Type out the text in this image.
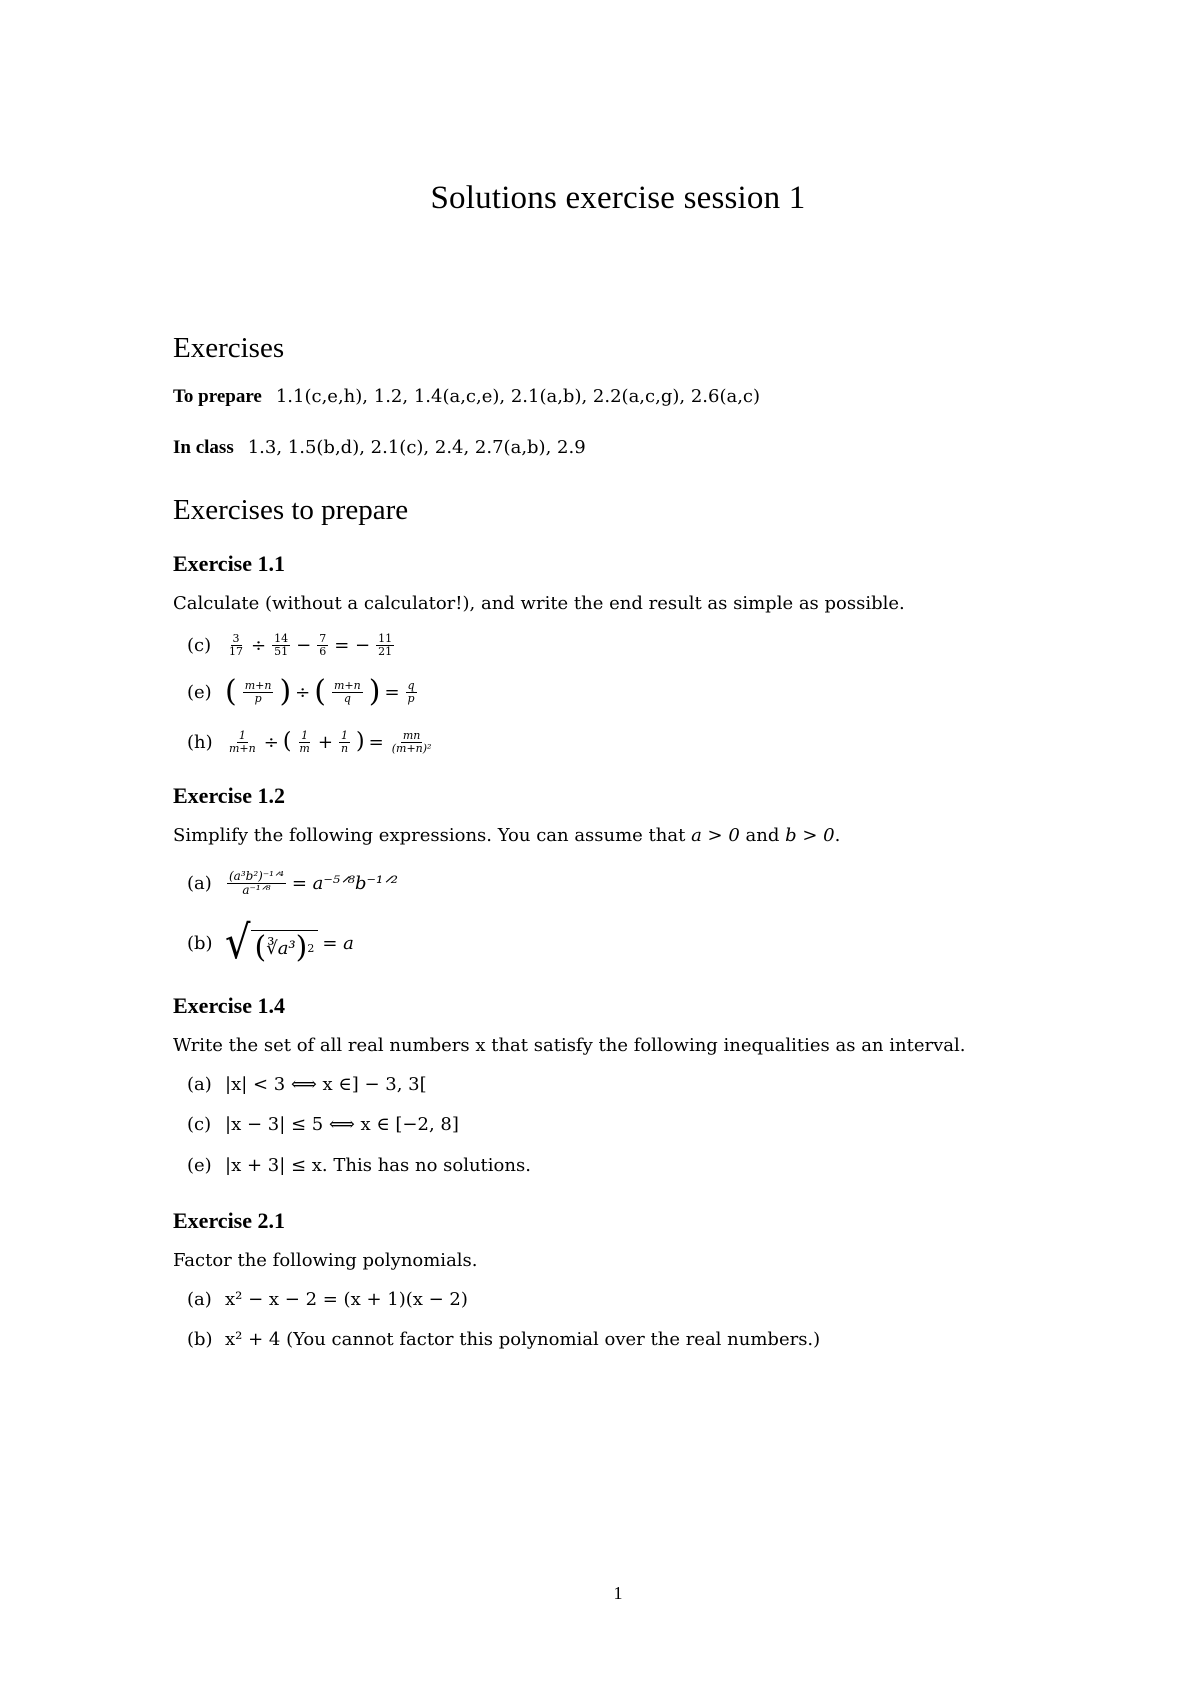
Solutions exercise session 1
Exercises
To prepare 1.1(c,e,h), 1.2, 1.4(a,c,e), 2.1(a,b), 2.2(a,c,g), 2.6(a,c)
In class 1.3, 1.5(b,d), 2.1(c), 2.4, 2.7(a,b), 2.9
Exercises to prepare
Exercise 1.1
Calculate (without a calculator!), and write the end result as simple as possible.
(c)	$\frac{3}{17} \div \frac{14}{51} - \frac{7}{6}$ = − $\frac{11}{21}$
(e) ( $\frac{m+n}{p}$ ) ÷ ( $\frac{m+n}{q}$ ) = $\frac{q}{p}$
(h)	$\frac{1}{m+n}$ ÷ ( $\frac{1}{m} + \frac{1}{n}$ ) = $\frac{mn}{\text{(m+n)²}}$
Exercise 1.2
Simplify the following expressions. You can assume that a > 0 and b > 0.
(a)	$\frac{\text{(a³b²)⁻¹ᐟ⁴}}{\text{a⁻¹ᐟ⁸}}$ = a⁻⁵ᐟ⁸b⁻¹ᐟ²
(b) √ ( ∛a³ ) 2 = a
Exercise 1.4
Write the set of all real numbers x that satisfy the following inequalities as an interval.
(a) |x| < 3 ⟺ x ∈] − 3, 3[
(c) |x − 3| ≤ 5 ⟺ x ∈ [−2, 8]
(e) |x + 3| ≤ x. This has no solutions.
Exercise 2.1
Factor the following polynomials.
(a) x² − x − 2 = (x + 1)(x − 2)
(b) x² + 4 (You cannot factor this polynomial over the real numbers.)
1
